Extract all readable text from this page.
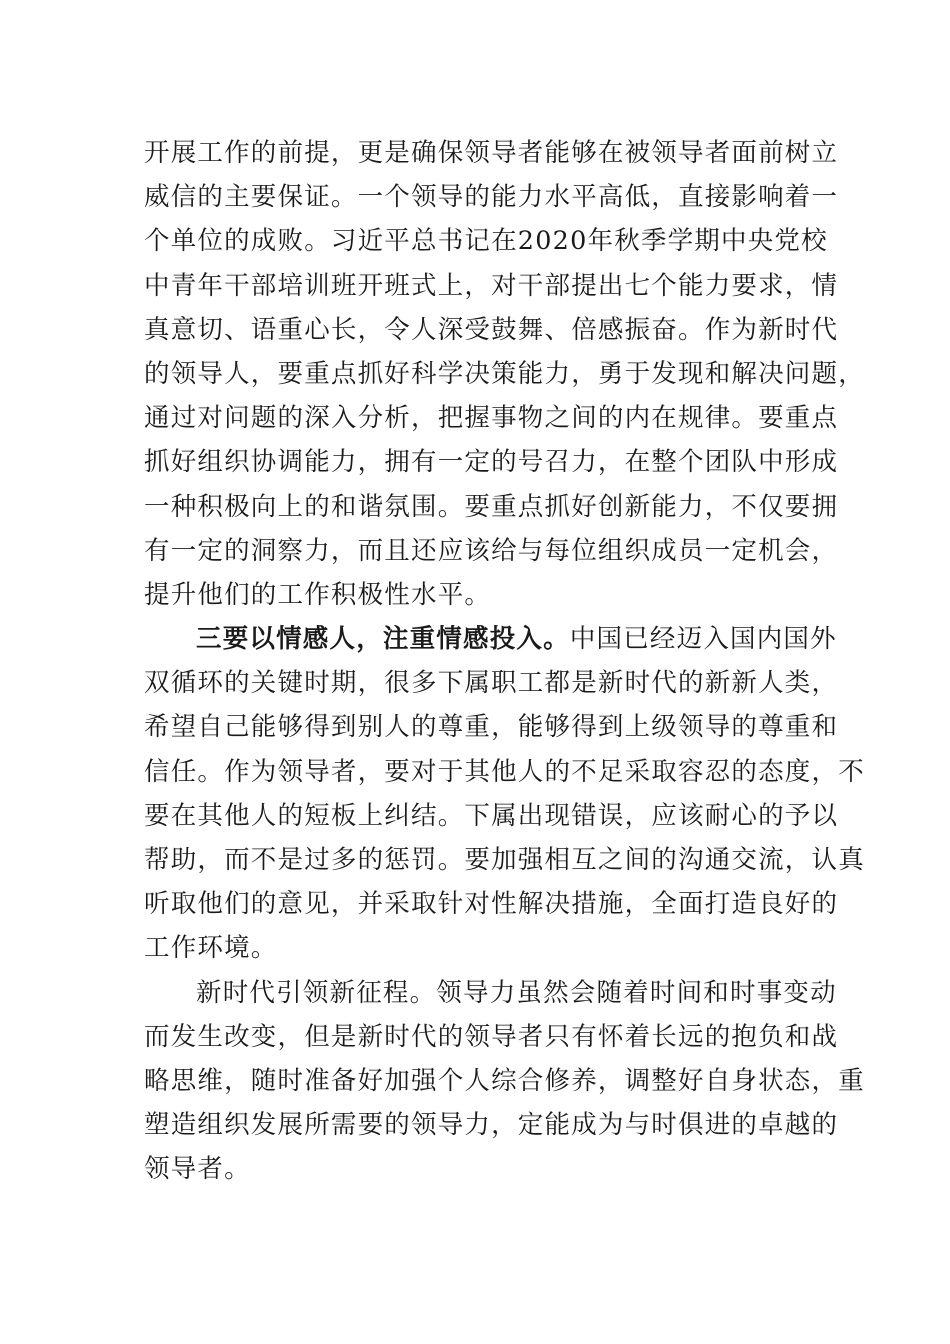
开展工作的前提，更是确保领导者能够在被领导者面前树立
威信的主要保证。一个领导的能力水平高低，直接影响着一
个单位的成败。习近平总书记在2020年秋季学期中央党校
中青年干部培训班开班式上，对干部提出七个能力要求，情
真意切、语重心长，令人深受鼓舞、倍感振奋。作为新时代
的领导人，要重点抓好科学决策能力，勇于发现和解决问题，
通过对问题的深入分析，把握事物之间的内在规律。要重点
抓好组织协调能力，拥有一定的号召力，在整个团队中形成
一种积极向上的和谐氛围。要重点抓好创新能力，不仅要拥
有一定的洞察力，而且还应该给与每位组织成员一定机会，
提升他们的工作积极性水平。
三要以情感人，注重情感投入。中国已经迈入国内国外
双循环的关键时期，很多下属职工都是新时代的新新人类，
希望自己能够得到别人的尊重，能够得到上级领导的尊重和
信任。作为领导者，要对于其他人的不足采取容忍的态度，不
要在其他人的短板上纠结。下属出现错误，应该耐心的予以
帮助，而不是过多的惩罚。要加强相互之间的沟通交流，认真
听取他们的意见，并采取针对性解决措施，全面打造良好的
工作环境。
新时代引领新征程。领导力虽然会随着时间和时事变动
而发生改变，但是新时代的领导者只有怀着长远的抱负和战
略思维，随时准备好加强个人综合修养，调整好自身状态，重
塑造组织发展所需要的领导力，定能成为与时俱进的卓越的
领导者。
